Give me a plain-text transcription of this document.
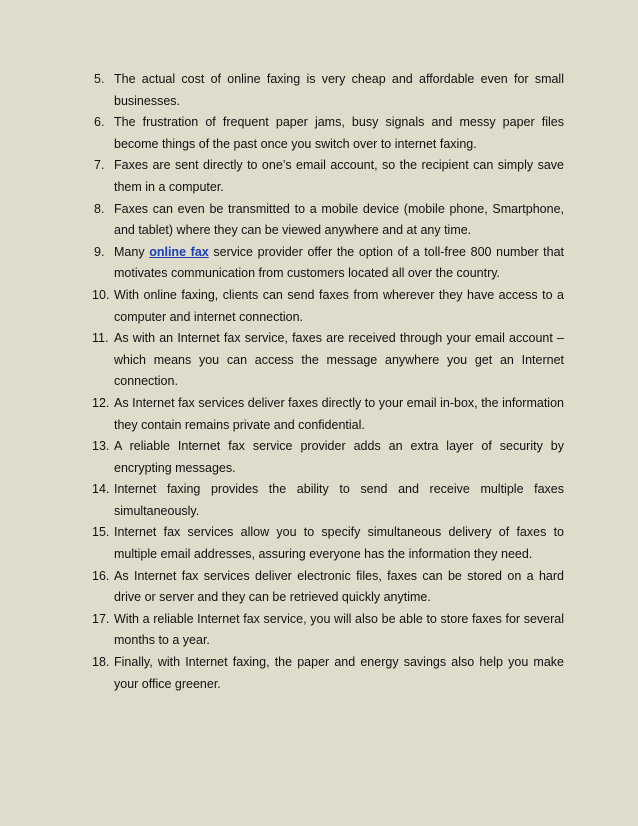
5. The actual cost of online faxing is very cheap and affordable even for small businesses.
6. The frustration of frequent paper jams, busy signals and messy paper files become things of the past once you switch over to internet faxing.
7. Faxes are sent directly to one’s email account, so the recipient can simply save them in a computer.
8. Faxes can even be transmitted to a mobile device (mobile phone, Smartphone, and tablet) where they can be viewed anywhere and at any time.
9. Many online fax service provider offer the option of a toll-free 800 number that motivates communication from customers located all over the country.
10. With online faxing, clients can send faxes from wherever they have access to a computer and internet connection.
11. As with an Internet fax service, faxes are received through your email account – which means you can access the message anywhere you get an Internet connection.
12. As Internet fax services deliver faxes directly to your email in-box, the information they contain remains private and confidential.
13. A reliable Internet fax service provider adds an extra layer of security by encrypting messages.
14. Internet faxing provides the ability to send and receive multiple faxes simultaneously.
15. Internet fax services allow you to specify simultaneous delivery of faxes to multiple email addresses, assuring everyone has the information they need.
16. As Internet fax services deliver electronic files, faxes can be stored on a hard drive or server and they can be retrieved quickly anytime.
17. With a reliable Internet fax service, you will also be able to store faxes for several months to a year.
18. Finally, with Internet faxing, the paper and energy savings also help you make your office greener.
